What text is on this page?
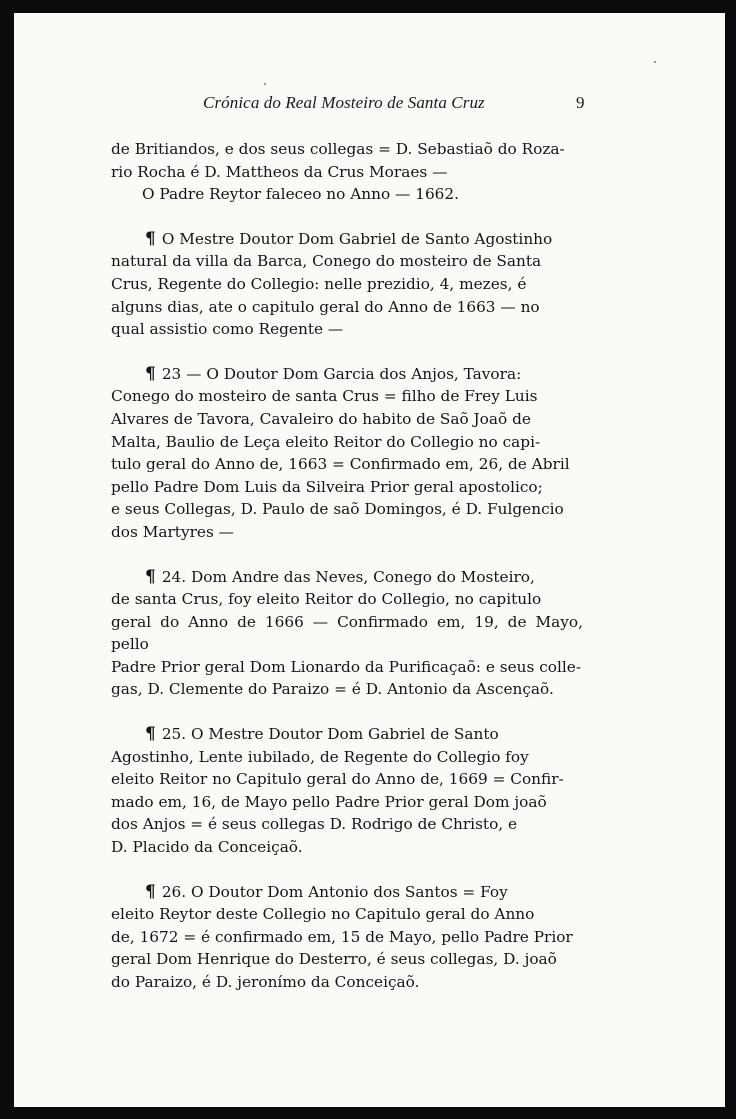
Crónica do Real Mosteiro de Santa Cruz	9

de Britiandos, e dos seus collegas = D. Sebastiaõ do Roza-
rio Rocha é D. Mattheos da Crus Moraes —

O Padre Reytor faleceo no Anno — 1662.

¶ O Mestre Doutor Dom Gabriel de Santo Agostinho
natural da villa da Barca, Conego do mosteiro de Santa
Crus, Regente do Collegio: nelle prezidio, 4, mezes, é
alguns dias, ate o capitulo geral do Anno de 1663 — no
qual assistio como Regente —

¶ 23 — O Doutor Dom Garcia dos Anjos, Tavora:
Conego do mosteiro de santa Crus = filho de Frey Luis
Alvares de Tavora, Cavaleiro do habito de Saõ Joaõ de
Malta, Baulio de Leça eleito Reitor do Collegio no capi-
tulo geral do Anno de, 1663 = Confirmado em, 26, de Abril
pello Padre Dom Luis da Silveira Prior geral apostolico;
e seus Collegas, D. Paulo de saõ Domingos, é D. Fulgencio
dos Martyres —

¶ 24. Dom Andre das Neves, Conego do Mosteiro,
de santa Crus, foy eleito Reitor do Collegio, no capitulo
geral do Anno de 1666 — Confirmado em, 19, de Mayo, pello
Padre Prior geral Dom Lionardo da Purificaçaõ: e seus colle-
gas, D. Clemente do Paraizo = é D. Antonio da Ascençaõ.

¶ 25. O Mestre Doutor Dom Gabriel de Santo
Agostinho, Lente iubilado, de Regente do Collegio foy
eleito Reitor no Capitulo geral do Anno de, 1669 = Confir-
mado em, 16, de Mayo pello Padre Prior geral Dom joaõ
dos Anjos = é seus collegas D. Rodrigo de Christo, e
D. Placido da Conceiçaõ.

¶ 26. O Doutor Dom Antonio dos Santos = Foy
eleito Reytor deste Collegio no Capitulo geral do Anno
de, 1672 = é confirmado em, 15 de Mayo, pello Padre Prior
geral Dom Henrique do Desterro, é seus collegas, D. joaõ
do Paraizo, é D. jeronímo da Conceiçaõ.
